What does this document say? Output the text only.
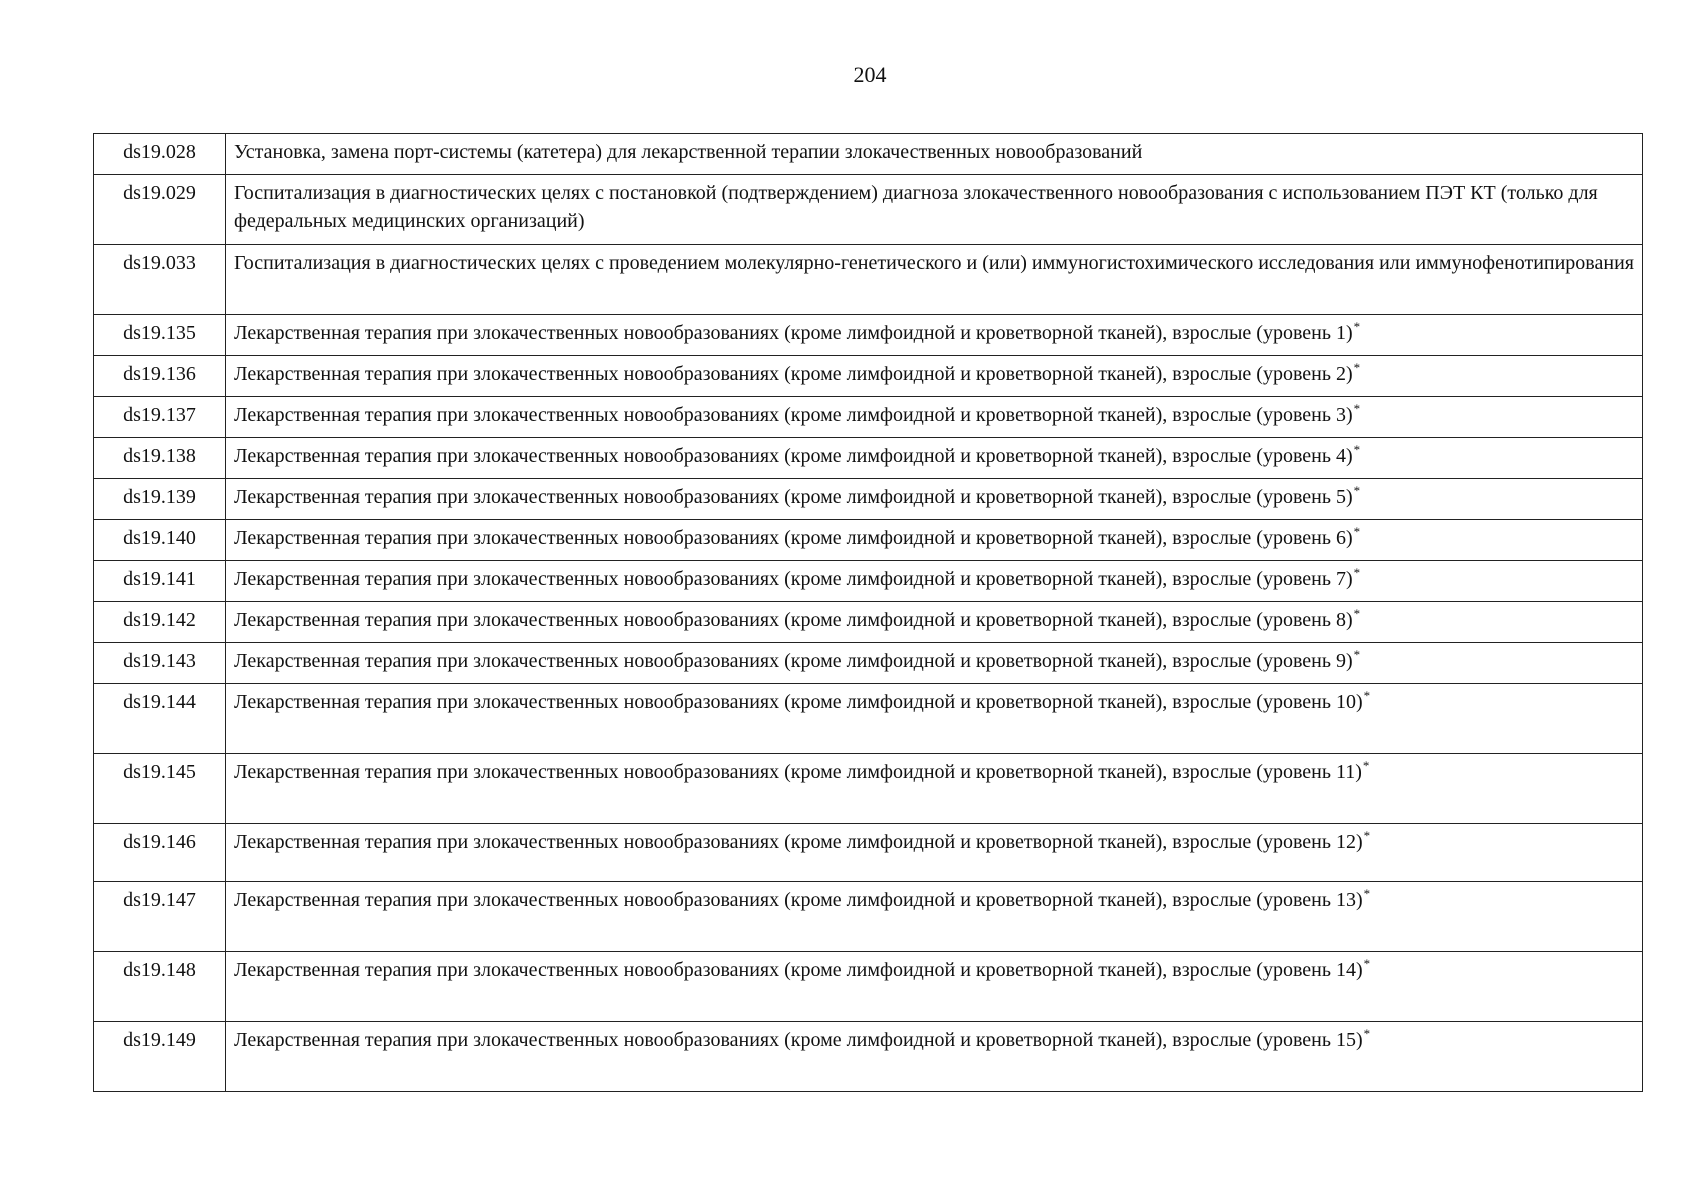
204
ds19.028	Установка, замена порт-системы (катетера) для лекарственной терапии злокачественных новообразований
ds19.029	Госпитализация в диагностических целях с постановкой (подтверждением) диагноза злокачественного новообразования с использованием ПЭТ КТ (только для федеральных медицинских организаций)
ds19.033	Госпитализация в диагностических целях с проведением молекулярно-генетического и (или) иммуногистохимического исследования или иммунофенотипирования
ds19.135	Лекарственная терапия при злокачественных новообразованиях (кроме лимфоидной и кроветворной тканей), взрослые (уровень 1)*
ds19.136	Лекарственная терапия при злокачественных новообразованиях (кроме лимфоидной и кроветворной тканей), взрослые (уровень 2)*
ds19.137	Лекарственная терапия при злокачественных новообразованиях (кроме лимфоидной и кроветворной тканей), взрослые (уровень 3)*
ds19.138	Лекарственная терапия при злокачественных новообразованиях (кроме лимфоидной и кроветворной тканей), взрослые (уровень 4)*
ds19.139	Лекарственная терапия при злокачественных новообразованиях (кроме лимфоидной и кроветворной тканей), взрослые (уровень 5)*
ds19.140	Лекарственная терапия при злокачественных новообразованиях (кроме лимфоидной и кроветворной тканей), взрослые (уровень 6)*
ds19.141	Лекарственная терапия при злокачественных новообразованиях (кроме лимфоидной и кроветворной тканей), взрослые (уровень 7)*
ds19.142	Лекарственная терапия при злокачественных новообразованиях (кроме лимфоидной и кроветворной тканей), взрослые (уровень 8)*
ds19.143	Лекарственная терапия при злокачественных новообразованиях (кроме лимфоидной и кроветворной тканей), взрослые (уровень 9)*
ds19.144	Лекарственная терапия при злокачественных новообразованиях (кроме лимфоидной и кроветворной тканей), взрослые (уровень 10)*
ds19.145	Лекарственная терапия при злокачественных новообразованиях (кроме лимфоидной и кроветворной тканей), взрослые (уровень 11)*
ds19.146	Лекарственная терапия при злокачественных новообразованиях (кроме лимфоидной и кроветворной тканей), взрослые (уровень 12)*
ds19.147	Лекарственная терапия при злокачественных новообразованиях (кроме лимфоидной и кроветворной тканей), взрослые (уровень 13)*
ds19.148	Лекарственная терапия при злокачественных новообразованиях (кроме лимфоидной и кроветворной тканей), взрослые (уровень 14)*
ds19.149	Лекарственная терапия при злокачественных новообразованиях (кроме лимфоидной и кроветворной тканей), взрослые (уровень 15)*
